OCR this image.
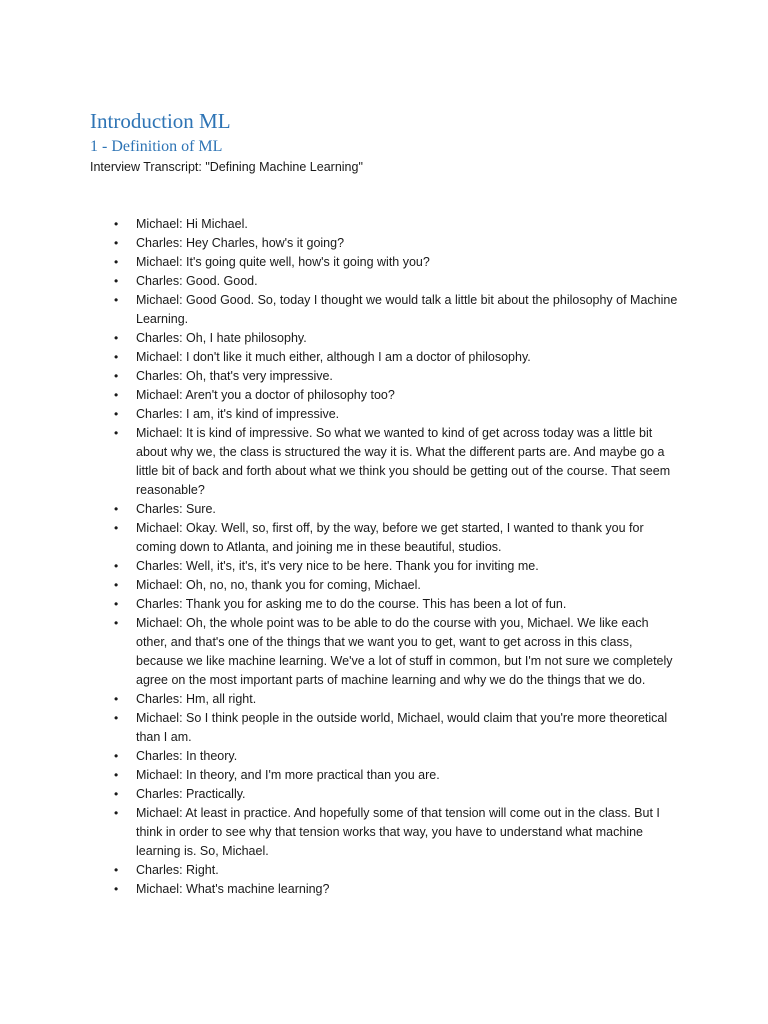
Introduction ML
1 - Definition of ML

Interview Transcript: "Defining Machine Learning"

• Michael: Hi Michael.
• Charles: Hey Charles, how's it going?
• Michael: It's going quite well, how's it going with you?
• Charles: Good. Good.
• Michael: Good Good. So, today I thought we would talk a little bit about the philosophy of Machine Learning.
• Charles: Oh, I hate philosophy.
• Michael: I don't like it much either, although I am a doctor of philosophy.
• Charles: Oh, that's very impressive.
• Michael: Aren't you a doctor of philosophy too?
• Charles: I am, it's kind of impressive.
• Michael: It is kind of impressive. So what we wanted to kind of get across today was a little bit about why we, the class is structured the way it is. What the different parts are. And maybe go a little bit of back and forth about what we think you should be getting out of the course. That seem reasonable?
• Charles: Sure.
• Michael: Okay. Well, so, first off, by the way, before we get started, I wanted to thank you for coming down to Atlanta, and joining me in these beautiful, studios.
• Charles: Well, it's, it's, it's very nice to be here. Thank you for inviting me.
• Michael: Oh, no, no, thank you for coming, Michael.
• Charles: Thank you for asking me to do the course. This has been a lot of fun.
• Michael: Oh, the whole point was to be able to do the course with you, Michael. We like each other, and that's one of the things that we want you to get, want to get across in this class, because we like machine learning. We've a lot of stuff in common, but I'm not sure we completely agree on the most important parts of machine learning and why we do the things that we do.
• Charles: Hm, all right.
• Michael: So I think people in the outside world, Michael, would claim that you're more theoretical than I am.
• Charles: In theory.
• Michael: In theory, and I'm more practical than you are.
• Charles: Practically.
• Michael: At least in practice. And hopefully some of that tension will come out in the class. But I think in order to see why that tension works that way, you have to understand what machine learning is. So, Michael.
• Charles: Right.
• Michael: What's machine learning?
